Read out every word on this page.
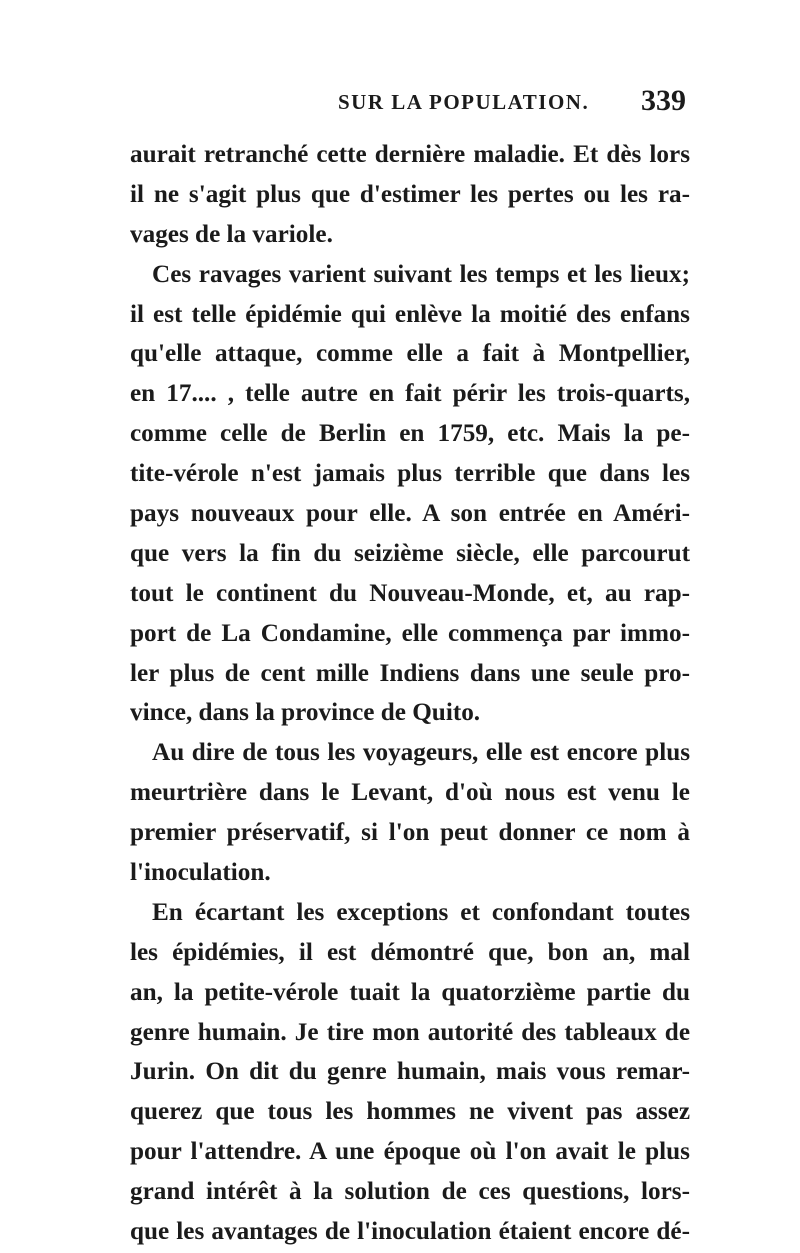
SUR LA POPULATION. 339
aurait retranché cette dernière maladie. Et dès lors
il ne s'agit plus que d'estimer les pertes ou les ra-
vages de la variole.
Ces ravages varient suivant les temps et les lieux;
il est telle épidémie qui enlève la moitié des enfans
qu'elle attaque, comme elle a fait à Montpellier,
en 17.... , telle autre en fait périr les trois-quarts,
comme celle de Berlin en 1759, etc. Mais la pe-
tite-vérole n'est jamais plus terrible que dans les
pays nouveaux pour elle. A son entrée en Améri-
que vers la fin du seizième siècle, elle parcourut
tout le continent du Nouveau-Monde, et, au rap-
port de La Condamine, elle commença par immo-
ler plus de cent mille Indiens dans une seule pro-
vince, dans la province de Quito.
Au dire de tous les voyageurs, elle est encore plus
meurtrière dans le Levant, d'où nous est venu le
premier préservatif, si l'on peut donner ce nom à
l'inoculation.
En écartant les exceptions et confondant toutes
les épidémies, il est démontré que, bon an, mal
an, la petite-vérole tuait la quatorzième partie du
genre humain. Je tire mon autorité des tableaux de
Jurin. On dit du genre humain, mais vous remar-
querez que tous les hommes ne vivent pas assez
pour l'attendre. A une époque où l'on avait le plus
grand intérêt à la solution de ces questions, lors-
que les avantages de l'inoculation étaient encore dé-
